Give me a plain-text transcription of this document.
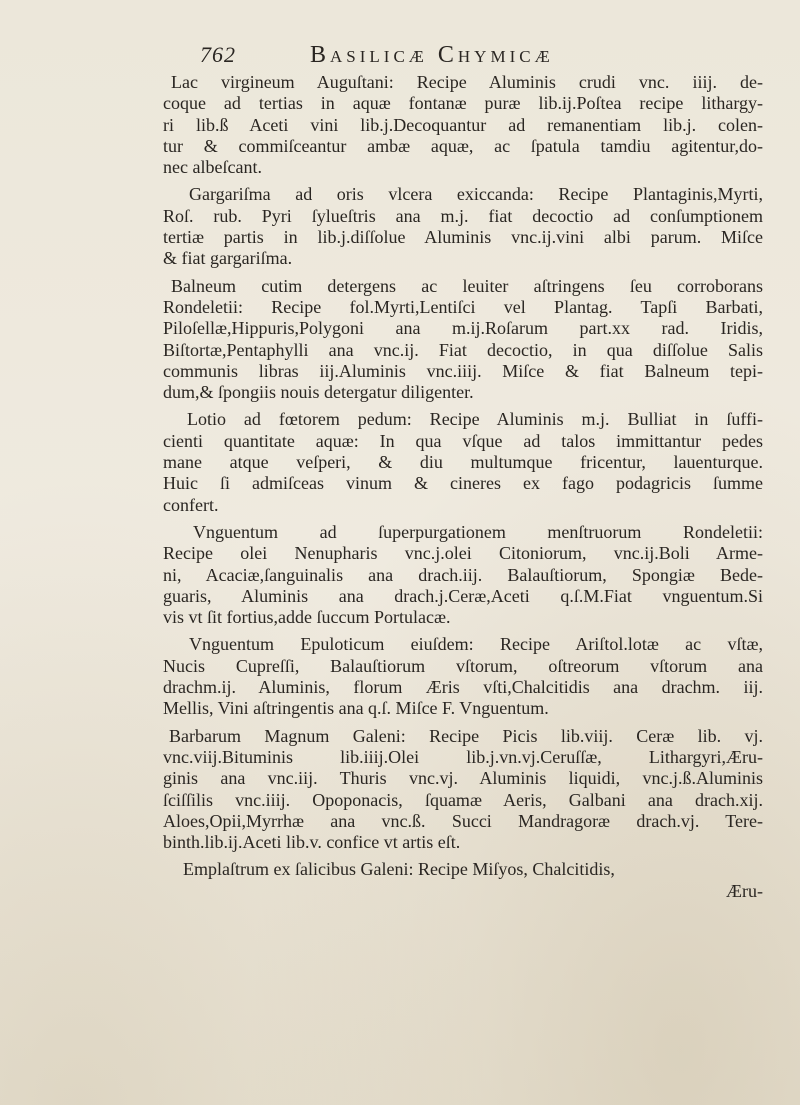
762	Basilicæ Chymicæ
Lac virgineum Auguſtani: Recipe Aluminis crudi vnc. iiij. de-
coque ad tertias in aquæ fontanæ puræ lib.ij.Poſtea recipe lithargy-
ri lib.ß Aceti vini lib.j.Decoquantur ad remanentiam lib.j. colen-
tur & commiſceantur ambæ aquæ, ac ſpatula tamdiu agitentur,do-
nec albeſcant.
Gargariſma ad oris vlcera exiccanda: Recipe Plantaginis,Myrti,
Roſ. rub. Pyri ſylueſtris ana m.j. fiat decoctio ad conſumptionem
tertiæ partis in lib.j.diſſolue Aluminis vnc.ij.vini albi parum. Miſce
& fiat gargariſma.
Balneum cutim detergens ac leuiter aſtringens ſeu corroborans
Rondeletii: Recipe fol.Myrti,Lentiſci vel Plantag. Tapſi Barbati,
Piloſellæ,Hippuris,Polygoni ana m.ij.Roſarum part.xx rad. Iridis,
Biſtortæ,Pentaphylli ana vnc.ij. Fiat decoctio, in qua diſſolue Salis
communis libras iij.Aluminis vnc.iiij. Miſce & fiat Balneum tepi-
dum,& ſpongiis nouis detergatur diligenter.
Lotio ad fœtorem pedum: Recipe Aluminis m.j. Bulliat in ſuffi-
cienti quantitate aquæ: In qua vſque ad talos immittantur pedes
mane atque veſperi, & diu multumque fricentur, lauenturque.
Huic ſi admiſceas vinum & cineres ex fago podagricis ſumme
confert.
Vnguentum ad ſuperpurgationem menſtruorum Rondeletii:
Recipe olei Nenupharis vnc.j.olei Citoniorum, vnc.ij.Boli Arme-
ni, Acaciæ,ſanguinalis ana drach.iij. Balauſtiorum, Spongiæ Bede-
guaris, Aluminis ana drach.j.Ceræ,Aceti q.ſ.M.Fiat vnguentum.Si
vis vt ſit fortius,adde ſuccum Portulacæ.
Vnguentum Epuloticum eiuſdem: Recipe Ariſtol.lotæ ac vſtæ,
Nucis Cupreſſi, Balauſtiorum vſtorum, oſtreorum vſtorum ana
drachm.ij. Aluminis, florum Æris vſti,Chalcitidis ana drachm. iij.
Mellis, Vini aſtringentis ana q.ſ. Miſce F. Vnguentum.
Barbarum Magnum Galeni: Recipe Picis lib.viij. Ceræ lib. vj.
vnc.viij.Bituminis lib.iiij.Olei lib.j.vn.vj.Ceruſſæ, Lithargyri,Æru-
ginis ana vnc.iij. Thuris vnc.vj. Aluminis liquidi, vnc.j.ß.Aluminis
ſciſſilis vnc.iiij. Opoponacis, ſquamæ Aeris, Galbani ana drach.xij.
Aloes,Opii,Myrrhæ ana vnc.ß. Succi Mandragoræ drach.vj. Tere-
binth.lib.ij.Aceti lib.v. confice vt artis eſt.
Emplaſtrum ex ſalicibus Galeni: Recipe Miſyos, Chalcitidis,
Æru-
